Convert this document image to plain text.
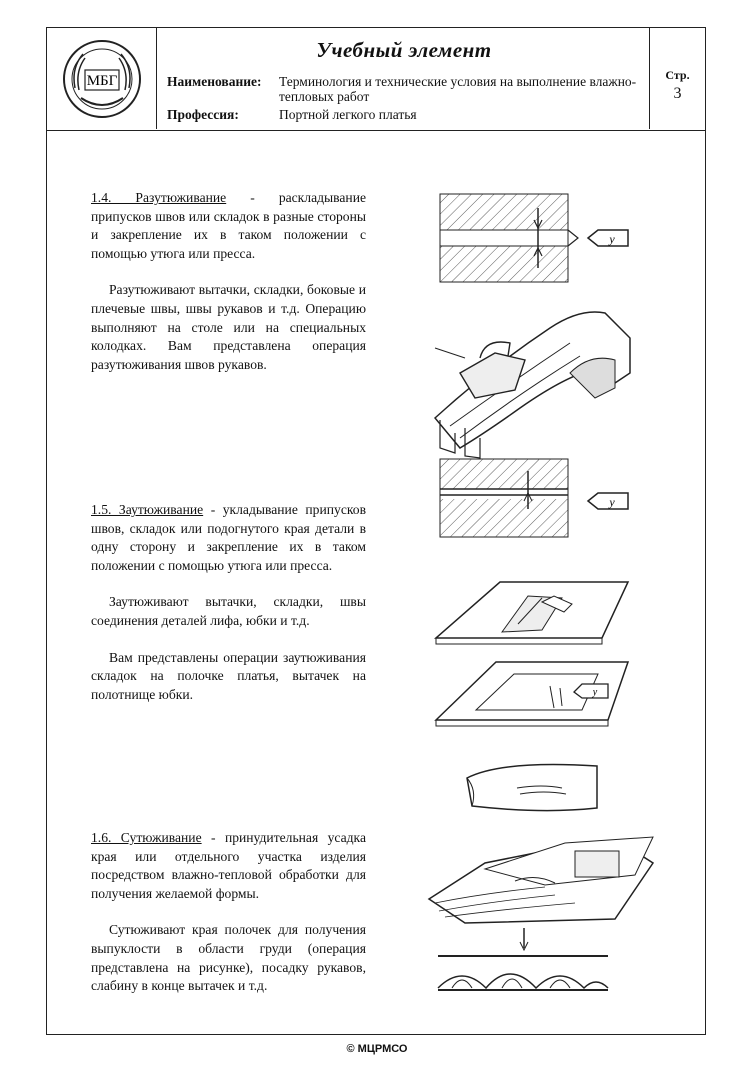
МБГ
Учебный элемент
Наименование: Терминология и технические условия на выполнение влажно-тепловых работ
Профессия:	Портной легкого платья
Стр.
3

1.4. Разутюживание - раскладывание припусков швов или складок в разные стороны и закрепление их в таком положении с помощью утюга или пресса.

Разутюживают вытачки, складки, боковые и плечевые швы, швы рукавов и т.д. Операцию выполняют на столе или на специальных колодках. Вам представлена операция разутюживания швов рукавов.

1.5. Заутюживание - укладывание припусков швов, складок или подогнутого края детали в одну сторону и закрепление их в таком положении с помощью утюга или пресса.

Заутюживают вытачки, складки, швы соединения деталей лифа, юбки и т.д.

Вам представлены операции заутюживания складок на полочке платья, вытачек на полотнище юбки.

1.6. Сутюживание - принудительная усадка края или отдельного участка изделия посредством влажно-тепловой обработки для получения желаемой формы.

Сутюживают края полочек для получения выпуклости в области груди (операция представлена на рисунке), посадку рукавов, слабину в конце вытачек и т.д.

у
у
у
© МЦРМСО
